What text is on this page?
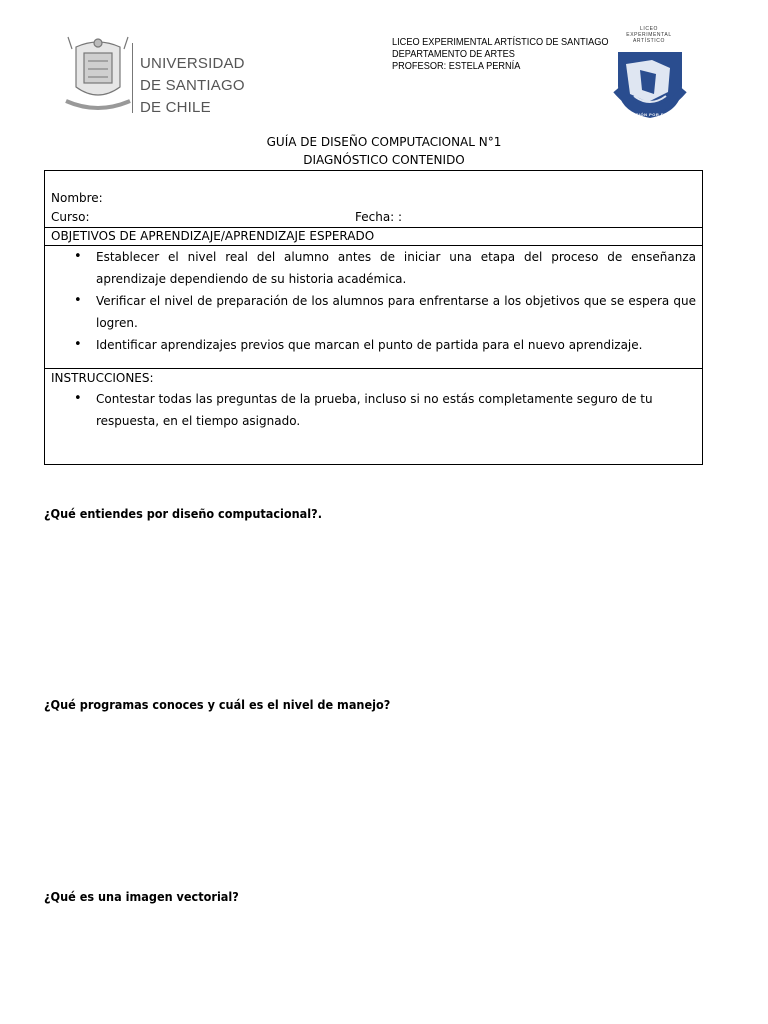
UNIVERSIDAD
DE SANTIAGO
DE CHILE
LICEO EXPERIMENTAL ARTÍSTICO DE SANTIAGO
DEPARTAMENTO DE ARTES
PROFESOR: ESTELA PERNÍA
LICEO
EXPERIMENTAL
ARTÍSTICO
EDUCACIÓN POR EL ARTE
GUÍA DE DISEÑO COMPUTACIONAL N°1
DIAGNÓSTICO CONTENIDO
Nombre:
Curso:	Fecha: :
OBJETIVOS DE APRENDIZAJE/APRENDIZAJE ESPERADO
• Establecer el nivel real del alumno antes de iniciar una etapa del proceso de enseñanza aprendizaje dependiendo de su historia académica.
• Verificar el nivel de preparación de los alumnos para enfrentarse a los objetivos que se espera que logren.
• Identificar aprendizajes previos que marcan el punto de partida para el nuevo aprendizaje.
INSTRUCCIONES:
• Contestar todas las preguntas de la prueba, incluso si no estás completamente seguro de tu respuesta, en el tiempo asignado.
¿Qué entiendes por diseño computacional?.
¿Qué programas conoces y cuál es el nivel de manejo?
¿Qué es una imagen vectorial?
